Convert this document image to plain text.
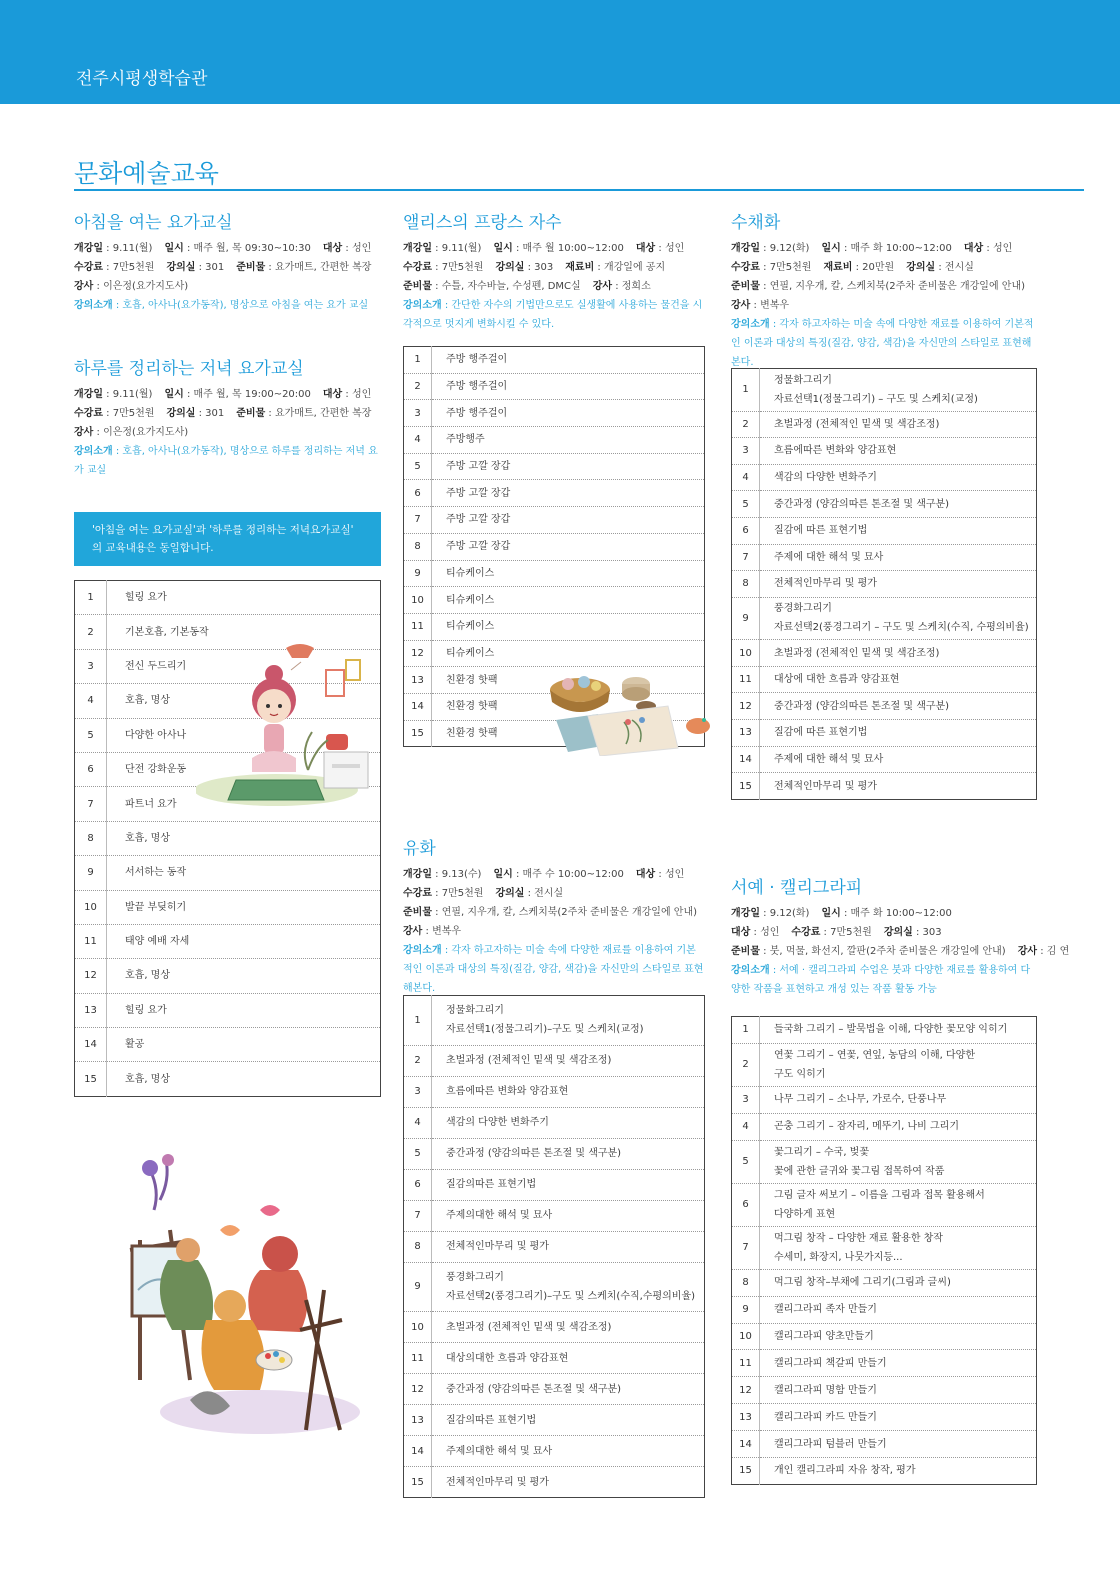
전주시평생학습관
문화예술교육
아침을 여는 요가교실
개강일 : 9.11(월) 일시 : 매주 월, 목 09:30~10:30 대상 : 성인
수강료 : 7만5천원 강의실 : 301 준비물 : 요가매트, 간편한 복장
강사 : 이은정(요가지도사)
강의소개 : 호흡, 아사나(요가동작), 명상으로 아침을 여는 요가 교실
하루를 정리하는 저녁 요가교실
개강일 : 9.11(월) 일시 : 매주 월, 목 19:00~20:00 대상 : 성인
수강료 : 7만5천원 강의실 : 301 준비물 : 요가매트, 간편한 복장
강사 : 이은정(요가지도사)
강의소개 : 호흡, 아사나(요가동작), 명상으로 하루를 정리하는 저녁 요가 교실
앨리스의 프랑스 자수
개강일 : 9.11(월) 일시 : 매주 월 10:00~12:00 대상 : 성인
수강료 : 7만5천원 강의실 : 303 재료비 : 개강일에 공지
준비물 : 수틀, 자수바늘, 수성펜, DMC실 강사 : 정희소
강의소개 : 간단한 자수의 기법만으로도 실생활에 사용하는 물건을 시각적으로 멋지게 변화시킬 수 있다.
수채화
개강일 : 9.12(화) 일시 : 매주 화 10:00~12:00 대상 : 성인
수강료 : 7만5천원 재료비 : 20만원 강의실 : 전시실
준비물 : 연필, 지우개, 칼, 스케치북(2주차 준비물은 개강일에 안내)
강사 : 변복우
강의소개 : 각자 하고자하는 미술 속에 다양한 재료를 이용하여 기본적인 이론과 대상의 특징(질감, 양감, 색감)을 자신만의 스타일로 표현해본다.
유화
개강일 : 9.13(수) 일시 : 매주 수 10:00~12:00 대상 : 성인
수강료 : 7만5천원 강의실 : 전시실
준비물 : 연필, 지우개, 칼, 스케치북(2주차 준비물은 개강일에 안내)
강사 : 변복우
강의소개 : 각자 하고자하는 미술 속에 다양한 재료를 이용하여 기본적인 이론과 대상의 특징(질감, 양감, 색감)을 자신만의 스타일로 표현해본다.
서예 · 캘리그라피
개강일 : 9.12(화) 일시 : 매주 화 10:00~12:00
대상 : 성인 수강료 : 7만5천원 강의실 : 303
준비물 : 붓, 먹물, 화선지, 깔판(2주차 준비물은 개강일에 안내) 강사 : 김 연
강의소개 : 서예 · 캘리그라피 수업은 붓과 다양한 재료를 활용하여 다양한 작품을 표현하고 개성 있는 작품 활동 가능
'아침을 여는 요가교실'과 '하루를 정리하는 저녁요가교실'
의 교육내용은 동일합니다.
1	힐링 요가
2	기본호흡, 기본동작
3	전신 두드리기
4	호흡, 명상
5	다양한 아사나
6	단전 강화운동
7	파트너 요가
8	호흡, 명상
9	서서하는 동작
10	발끝 부딪히기
11	태양 예배 자세
12	호흡, 명상
13	힐링 요가
14	활공
15	호흡, 명상
1	주방 행주걸이
2	주방 행주걸이
3	주방 행주걸이
4	주방행주
5	주방 고깔 장갑
6	주방 고깔 장갑
7	주방 고깔 장갑
8	주방 고깔 장갑
9	티슈케이스
10	티슈케이스
11	티슈케이스
12	티슈케이스
13	친환경 핫팩
14	친환경 핫팩
15	친환경 핫팩
1	정물화그리기
자료선택1(정물그리기) – 구도 및 스케치(교정)
2	초벌과정 (전체적인 밑색 및 색감조정)
3	흐름에따른 변화와 양감표현
4	색감의 다양한 변화주기
5	중간과정 (양감의따른 톤조절 및 색구분)
6	질감에 따른 표현기법
7	주제에 대한 해석 및 묘사
8	전체적인마무리 및 평가
9	풍경화그리기
자료선택2(풍경그리기 – 구도 및 스케치(수직, 수평의비율)
10	초벌과정 (전체적인 밑색 및 색감조정)
11	대상에 대한 흐름과 양감표현
12	중간과정 (양감의따른 톤조절 및 색구분)
13	질감에 따른 표현기법
14	주제에 대한 해석 및 묘사
15	전체적인마무리 및 평가
1	정물화그리기
자료선택1(정물그리기)–구도 및 스케치(교정)
2	초벌과정 (전체적인 밑색 및 색감조정)
3	흐름에따른 변화와 양감표현
4	색감의 다양한 변화주기
5	중간과정 (양감의따른 톤조절 및 색구분)
6	질감의따른 표현기법
7	주제의대한 해석 및 묘사
8	전체적인마무리 및 평가
9	풍경화그리기
자료선택2(풍경그리기)–구도 및 스케치(수직,수평의비율)
10	초벌과정 (전체적인 밑색 및 색감조정)
11	대상의대한 흐름과 양감표현
12	중간과정 (양감의따른 톤조절 및 색구분)
13	질감의따른 표현기법
14	주제의대한 해석 및 묘사
15	전체적인마무리 및 평가
1	들국화 그리기 – 발묵법을 이해, 다양한 꽃모양 익히기
2	연꽃 그리기 – 연꽃, 연잎, 농담의 이해, 다양한
구도 익히기
3	나무 그리기 – 소나무, 가로수, 단풍나무
4	곤충 그리기 – 잠자리, 메뚜기, 나비 그리기
5	꽃그리기 – 수국, 벚꽃
꽃에 관한 글귀와 꽃그림 접목하여 작품
6	그림 글자 써보기 – 이름을 그림과 접목 활용해서
다양하게 표현
7	먹그림 창작 – 다양한 재료 활용한 창작
수세미, 화장지, 나뭇가지등...
8	먹그림 창작–부채에 그리기(그림과 글씨)
9	캘리그라피 족자 만들기
10	캘리그라피 양초만들기
11	캘리그라피 책갈피 만들기
12	캘리그라피 명함 만들기
13	캘리그라피 카드 만들기
14	캘리그라피 텀블러 만들기
15	개인 캘리그라피 자유 창작, 평가
